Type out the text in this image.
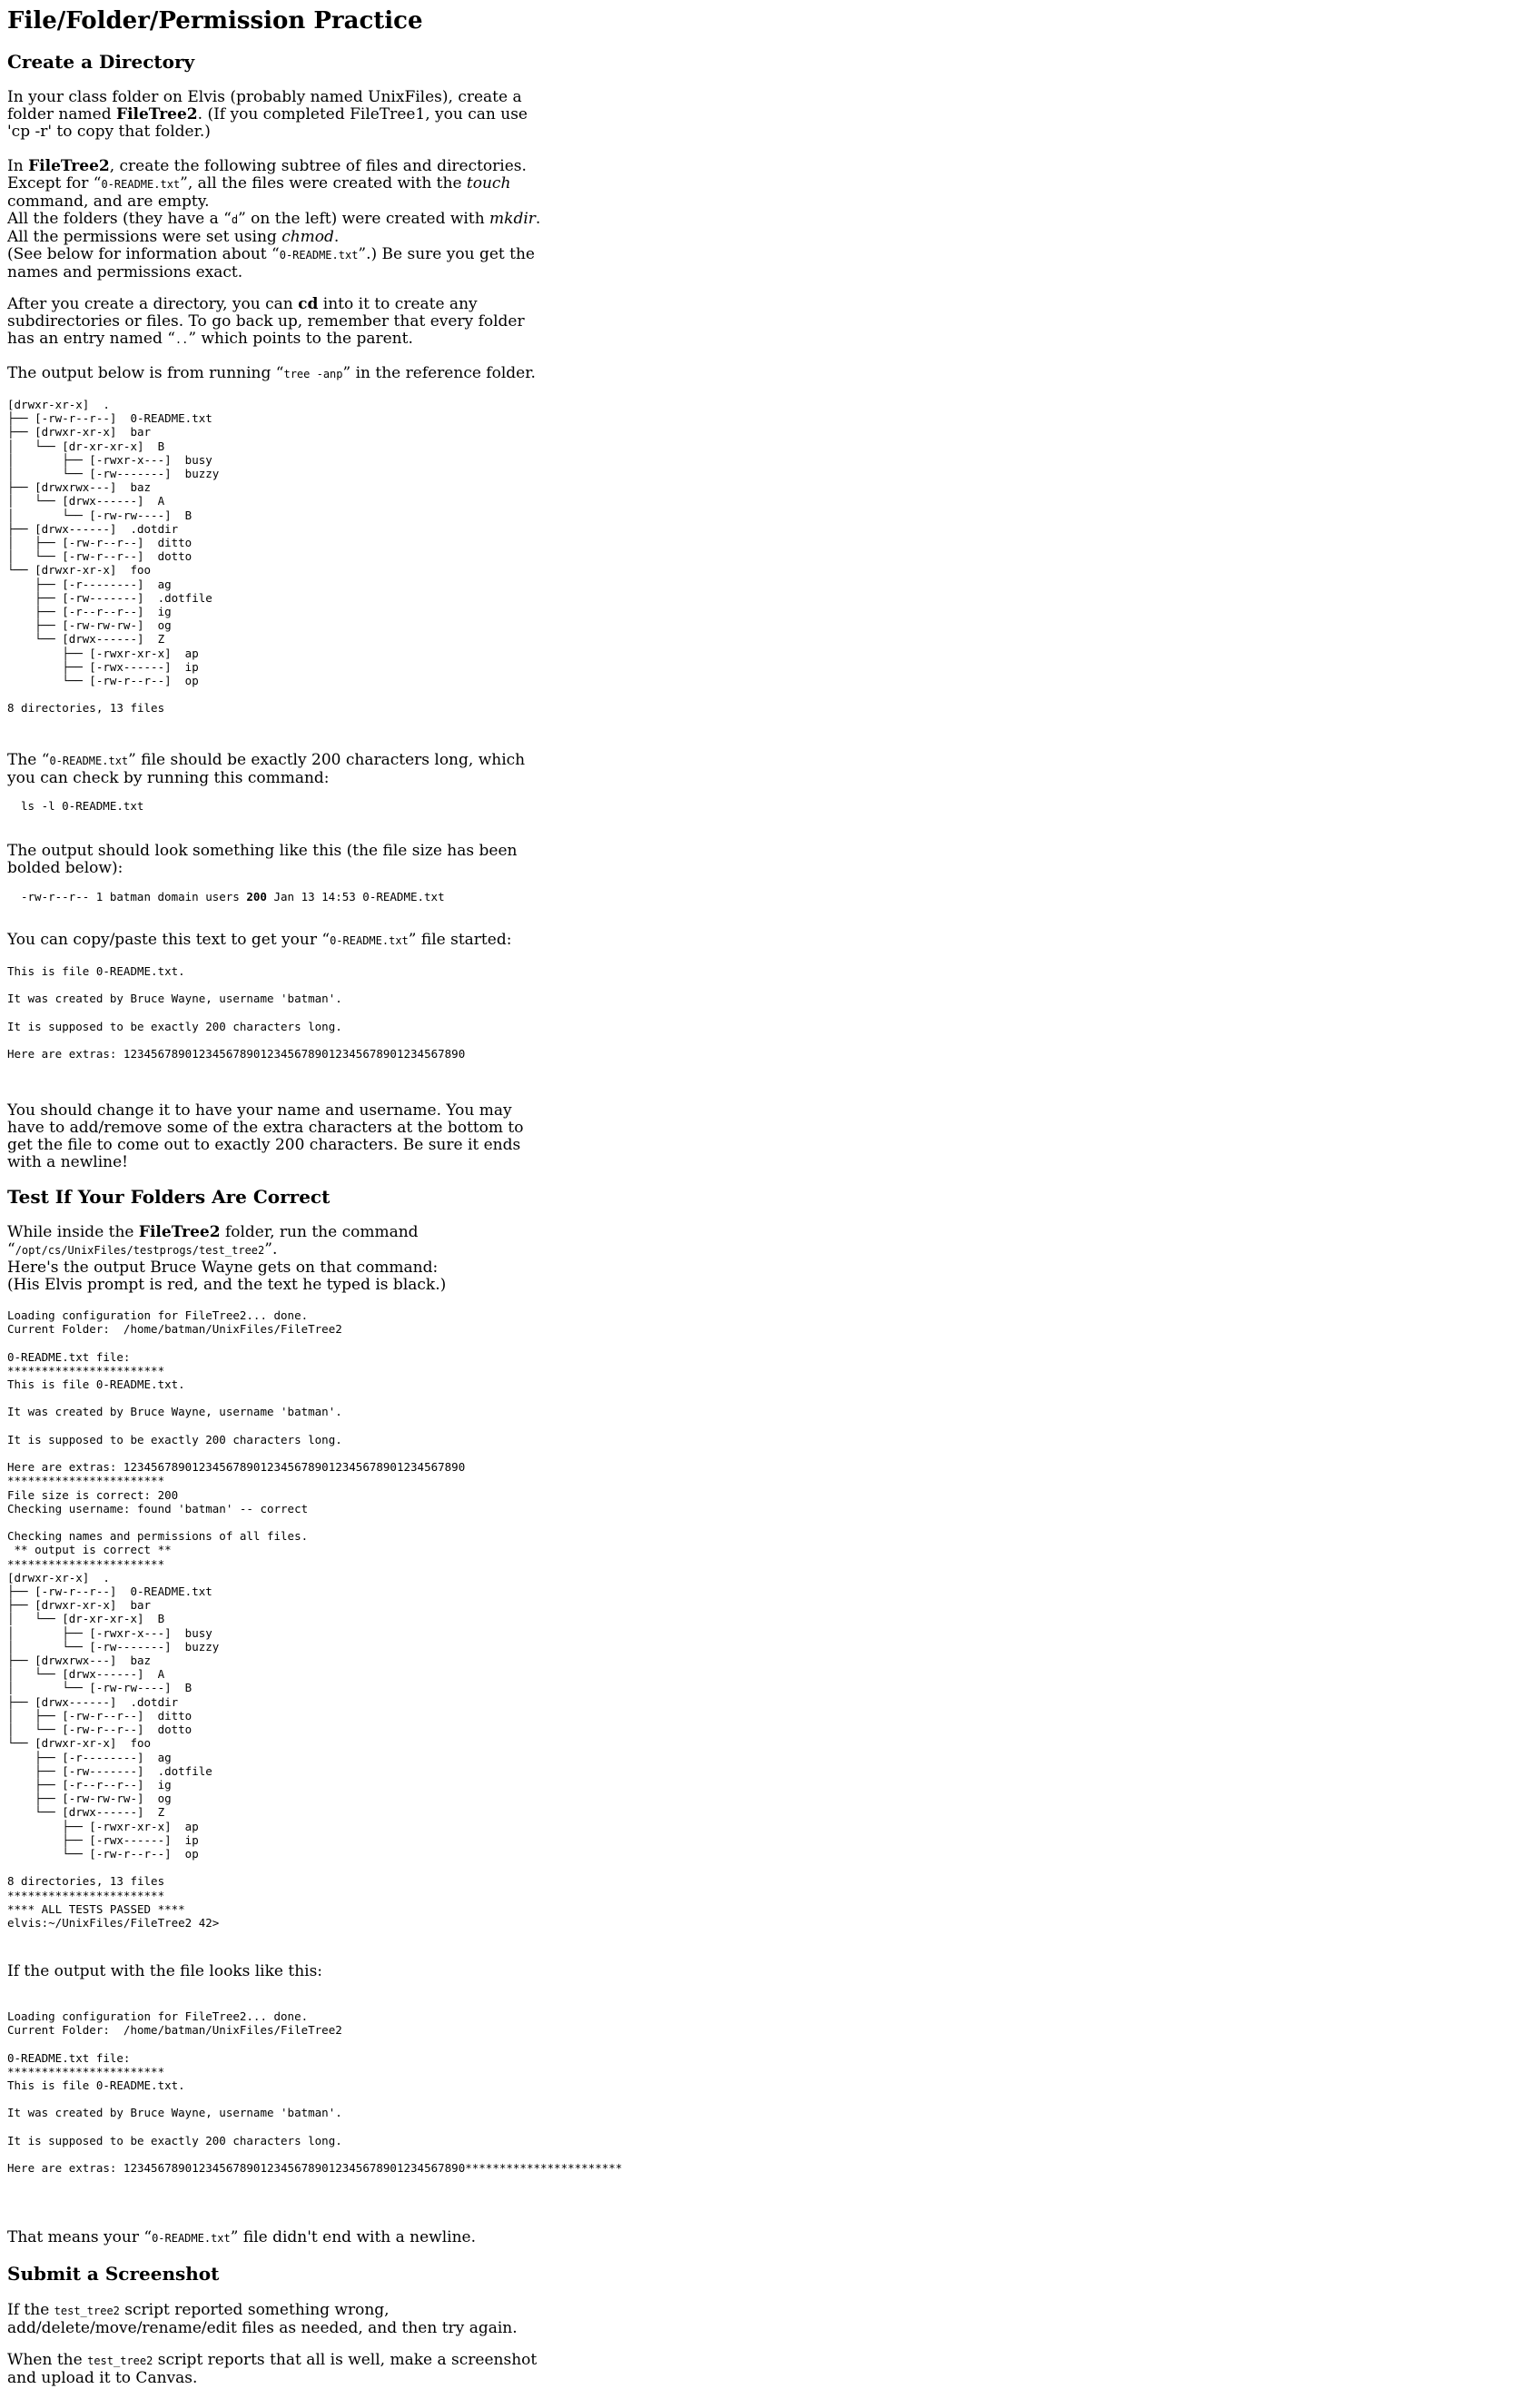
File/Folder/Permission Practice
Create a Directory
In your class folder on Elvis (probably named UnixFiles), create a folder named FileTree2. (If you completed FileTree1, you can use 'cp -r' to copy that folder.)

In FileTree2, create the following subtree of files and directories.

Except for “0-README.txt”, all the files were created with the touch

command, and are empty.

All the folders (they have a “d” on the left) were created with mkdir.

All the permissions were set using chmod.

(See below for information about “0-README.txt”.) Be sure you get the names and permissions exact.

After you create a directory, you can cd into it to create any subdirectories or files. To go back up, remember that every folder has an entry named “..” which points to the parent.
The output below is from running “tree -anp” in the reference folder.
[drwxr-xr-x]  .
├── [-rw-r--r--]  0-README.txt
├── [drwxr-xr-x]  bar
│   └── [dr-xr-xr-x]  B
│       ├── [-rwxr-x---]  busy
│       └── [-rw-------]  buzzy
├── [drwxrwx---]  baz
│   └── [drwx------]  A
│       └── [-rw-rw----]  B
├── [drwx------]  .dotdir
│   ├── [-rw-r--r--]  ditto
│   └── [-rw-r--r--]  dotto
└── [drwxr-xr-x]  foo
├── [-r--------]  ag
├── [-rw-------]  .dotfile
├── [-r--r--r--]  ig
├── [-rw-rw-rw-]  og
└── [drwx------]  Z
├── [-rwxr-xr-x]  ap
├── [-rwx------]  ip
└── [-rw-r--r--]  op

8 directories, 13 files
The “0-README.txt” file should be exactly 200 characters long, which you can check by running this command:
ls -l 0-README.txt
The output should look something like this (the file size has been bolded below):
-rw-r--r-- 1 batman domain users 200 Jan 13 14:53 0-README.txt
You can copy/paste this text to get your “0-README.txt” file started:
This is file 0-README.txt.

It was created by Bruce Wayne, username 'batman'.

It is supposed to be exactly 200 characters long.

Here are extras: 12345678901234567890123456789012345678901234567890
You should change it to have your name and username. You may have to add/remove some of the extra characters at the bottom to get the file to come out to exactly 200 characters. Be sure it ends with a newline!
Test If Your Folders Are Correct

While inside the FileTree2 folder, run the command “/opt/cs/UnixFiles/testprogs/test_tree2”.

Here's the output Bruce Wayne gets on that command:

(His Elvis prompt is red, and the text he typed is black.)

Loading configuration for FileTree2... done.
Current Folder:  /home/batman/UnixFiles/FileTree2

0-README.txt file:
***********************
This is file 0-README.txt.

It was created by Bruce Wayne, username 'batman'.

It is supposed to be exactly 200 characters long.

Here are extras: 12345678901234567890123456789012345678901234567890
***********************
File size is correct: 200
Checking username: found 'batman' -- correct

Checking names and permissions of all files.
** output is correct **
***********************
[drwxr-xr-x]  .
├── [-rw-r--r--]  0-README.txt
├── [drwxr-xr-x]  bar
│   └── [dr-xr-xr-x]  B
│       ├── [-rwxr-x---]  busy
│       └── [-rw-------]  buzzy
├── [drwxrwx---]  baz
│   └── [drwx------]  A
│       └── [-rw-rw----]  B
├── [drwx------]  .dotdir
│   ├── [-rw-r--r--]  ditto
│   └── [-rw-r--r--]  dotto
└── [drwxr-xr-x]  foo
├── [-r--------]  ag
├── [-rw-------]  .dotfile
├── [-r--r--r--]  ig
├── [-rw-rw-rw-]  og
└── [drwx------]  Z
├── [-rwxr-xr-x]  ap
├── [-rwx------]  ip
└── [-rw-r--r--]  op

8 directories, 13 files
***********************
**** ALL TESTS PASSED ****
elvis:~/UnixFiles/FileTree2 42>
If the output with the file looks like this:
Loading configuration for FileTree2... done.
Current Folder:  /home/batman/UnixFiles/FileTree2

0-README.txt file:
***********************
This is file 0-README.txt.

It was created by Bruce Wayne, username 'batman'.

It is supposed to be exactly 200 characters long.

Here are extras: 12345678901234567890123456789012345678901234567890***********************
That means your “0-README.txt” file didn't end with a newline.
Submit a Screenshot
If the test_tree2 script reported something wrong, add/delete/move/rename/edit files as needed, and then try again.
When the test_tree2 script reports that all is well, make a screenshot and upload it to Canvas.
